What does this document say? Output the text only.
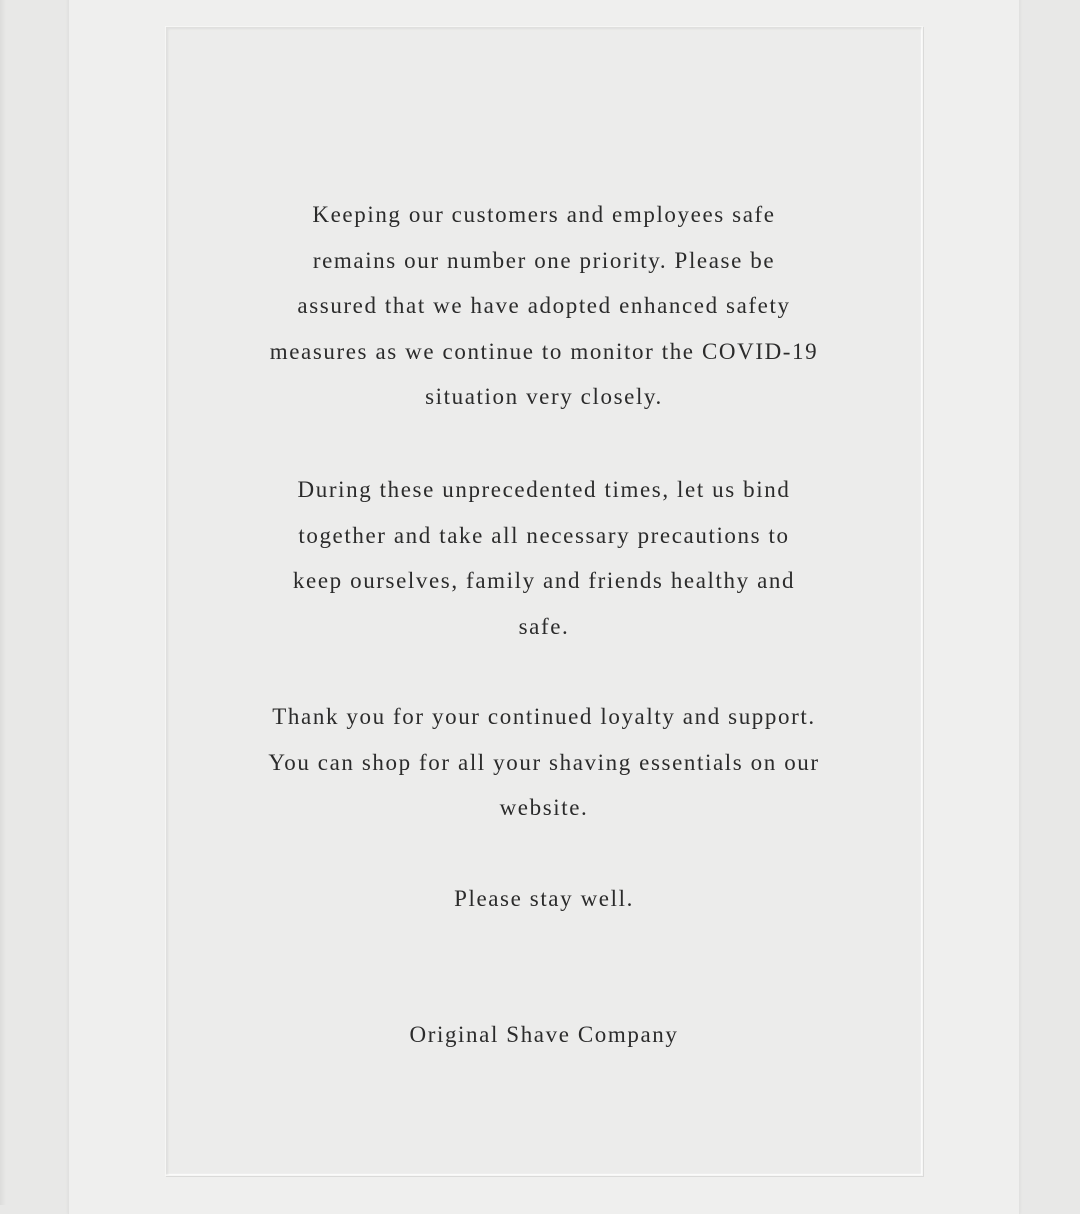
Keeping our customers and employees safe
remains our number one priority. Please be
assured that we have adopted enhanced safety
measures as we continue to monitor the COVID-19
situation very closely.

During these unprecedented times, let us bind
together and take all necessary precautions to
keep ourselves, family and friends healthy and
safe.

Thank you for your continued loyalty and support.
You can shop for all your shaving essentials on our
website.

Please stay well.

Original Shave Company
